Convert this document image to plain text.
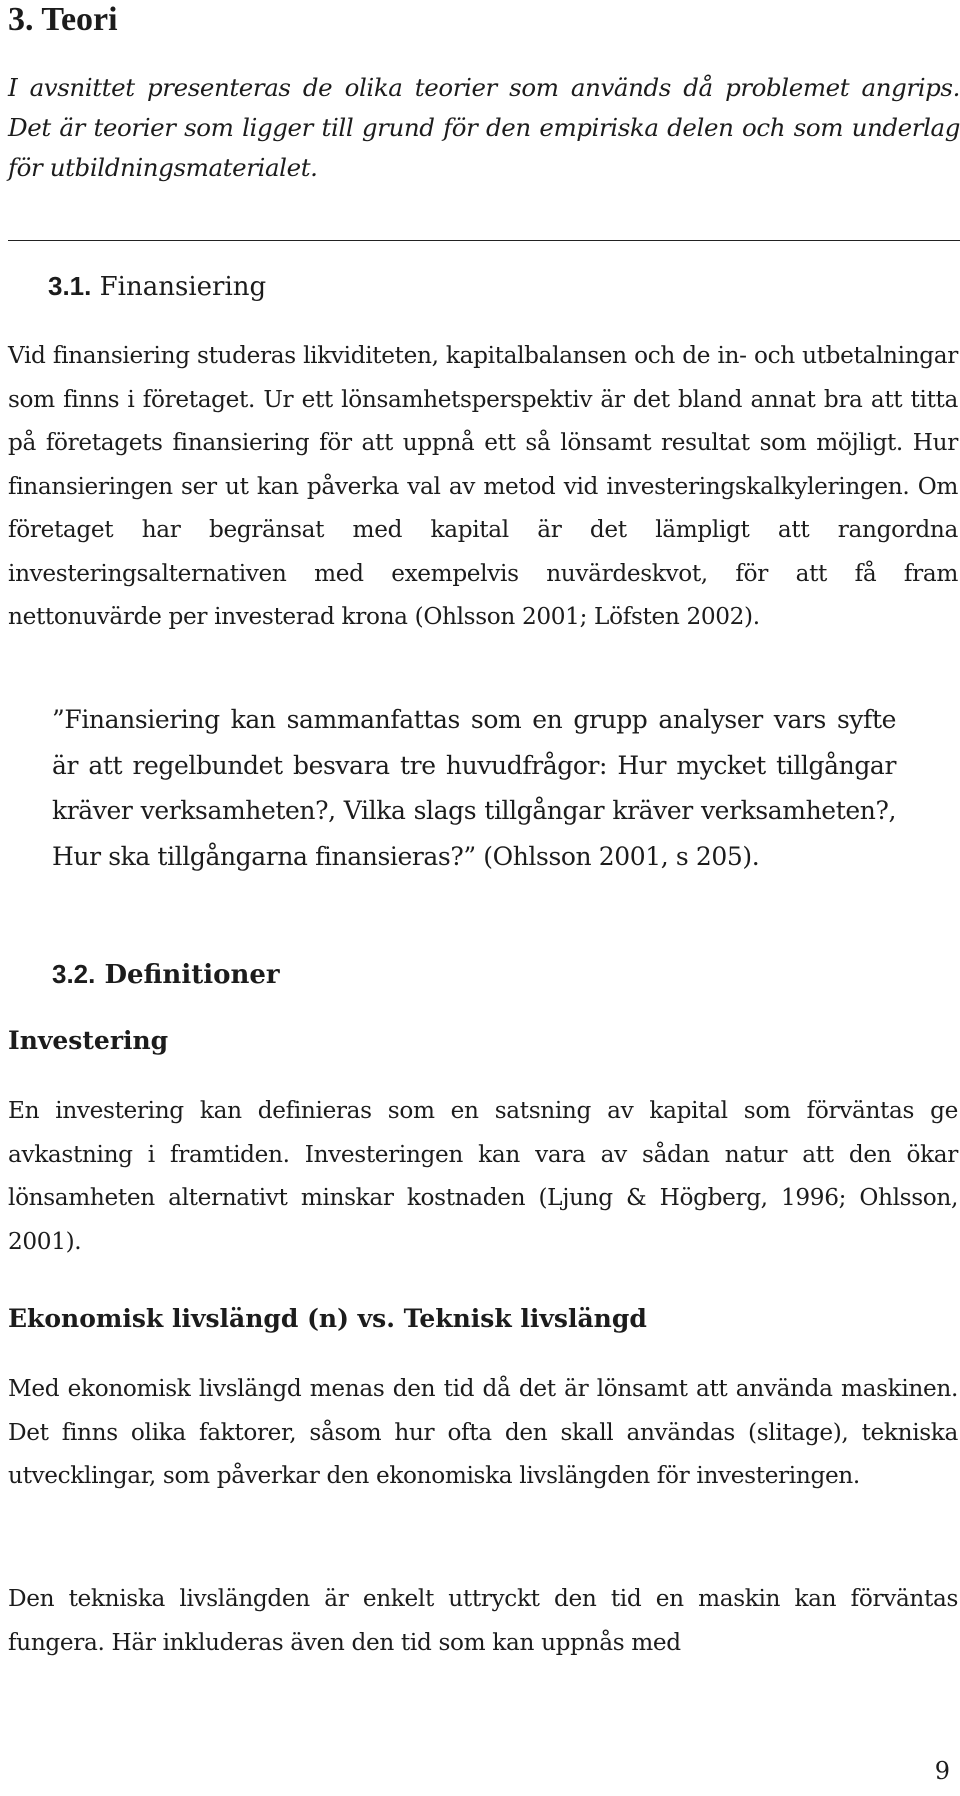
3. Teori

I avsnittet presenteras de olika teorier som används då problemet angrips. Det är teorier som ligger till grund för den empiriska delen och som underlag för utbildningsmaterialet.

3.1. Finansiering

Vid finansiering studeras likviditeten, kapitalbalansen och de in- och utbetalningar som finns i företaget. Ur ett lönsamhetsperspektiv är det bland annat bra att titta på företagets finansiering för att uppnå ett så lönsamt resultat som möjligt. Hur finansieringen ser ut kan påverka val av metod vid investeringskalkyleringen. Om företaget har begränsat med kapital är det lämpligt att rangordna investeringsalternativen med exempelvis nuvärdeskvot, för att få fram nettonuvärde per investerad krona (Ohlsson 2001; Löfsten 2002).

”Finansiering kan sammanfattas som en grupp analyser vars syfte är att regelbundet besvara tre huvudfrågor: Hur mycket tillgångar kräver verksamheten?, Vilka slags tillgångar kräver verksamheten?, Hur ska tillgångarna finansieras?” (Ohlsson 2001, s 205).

3.2. Definitioner
Investering

En investering kan definieras som en satsning av kapital som förväntas ge avkastning i framtiden. Investeringen kan vara av sådan natur att den ökar lönsamheten alternativt minskar kostnaden (Ljung & Högberg, 1996; Ohlsson, 2001).

Ekonomisk livslängd (n) vs. Teknisk livslängd

Med ekonomisk livslängd menas den tid då det är lönsamt att använda maskinen. Det finns olika faktorer, såsom hur ofta den skall användas (slitage), tekniska utvecklingar, som påverkar den ekonomiska livslängden för investeringen.

Den tekniska livslängden är enkelt uttryckt den tid en maskin kan förväntas fungera. Här inkluderas även den tid som kan uppnås med

9
